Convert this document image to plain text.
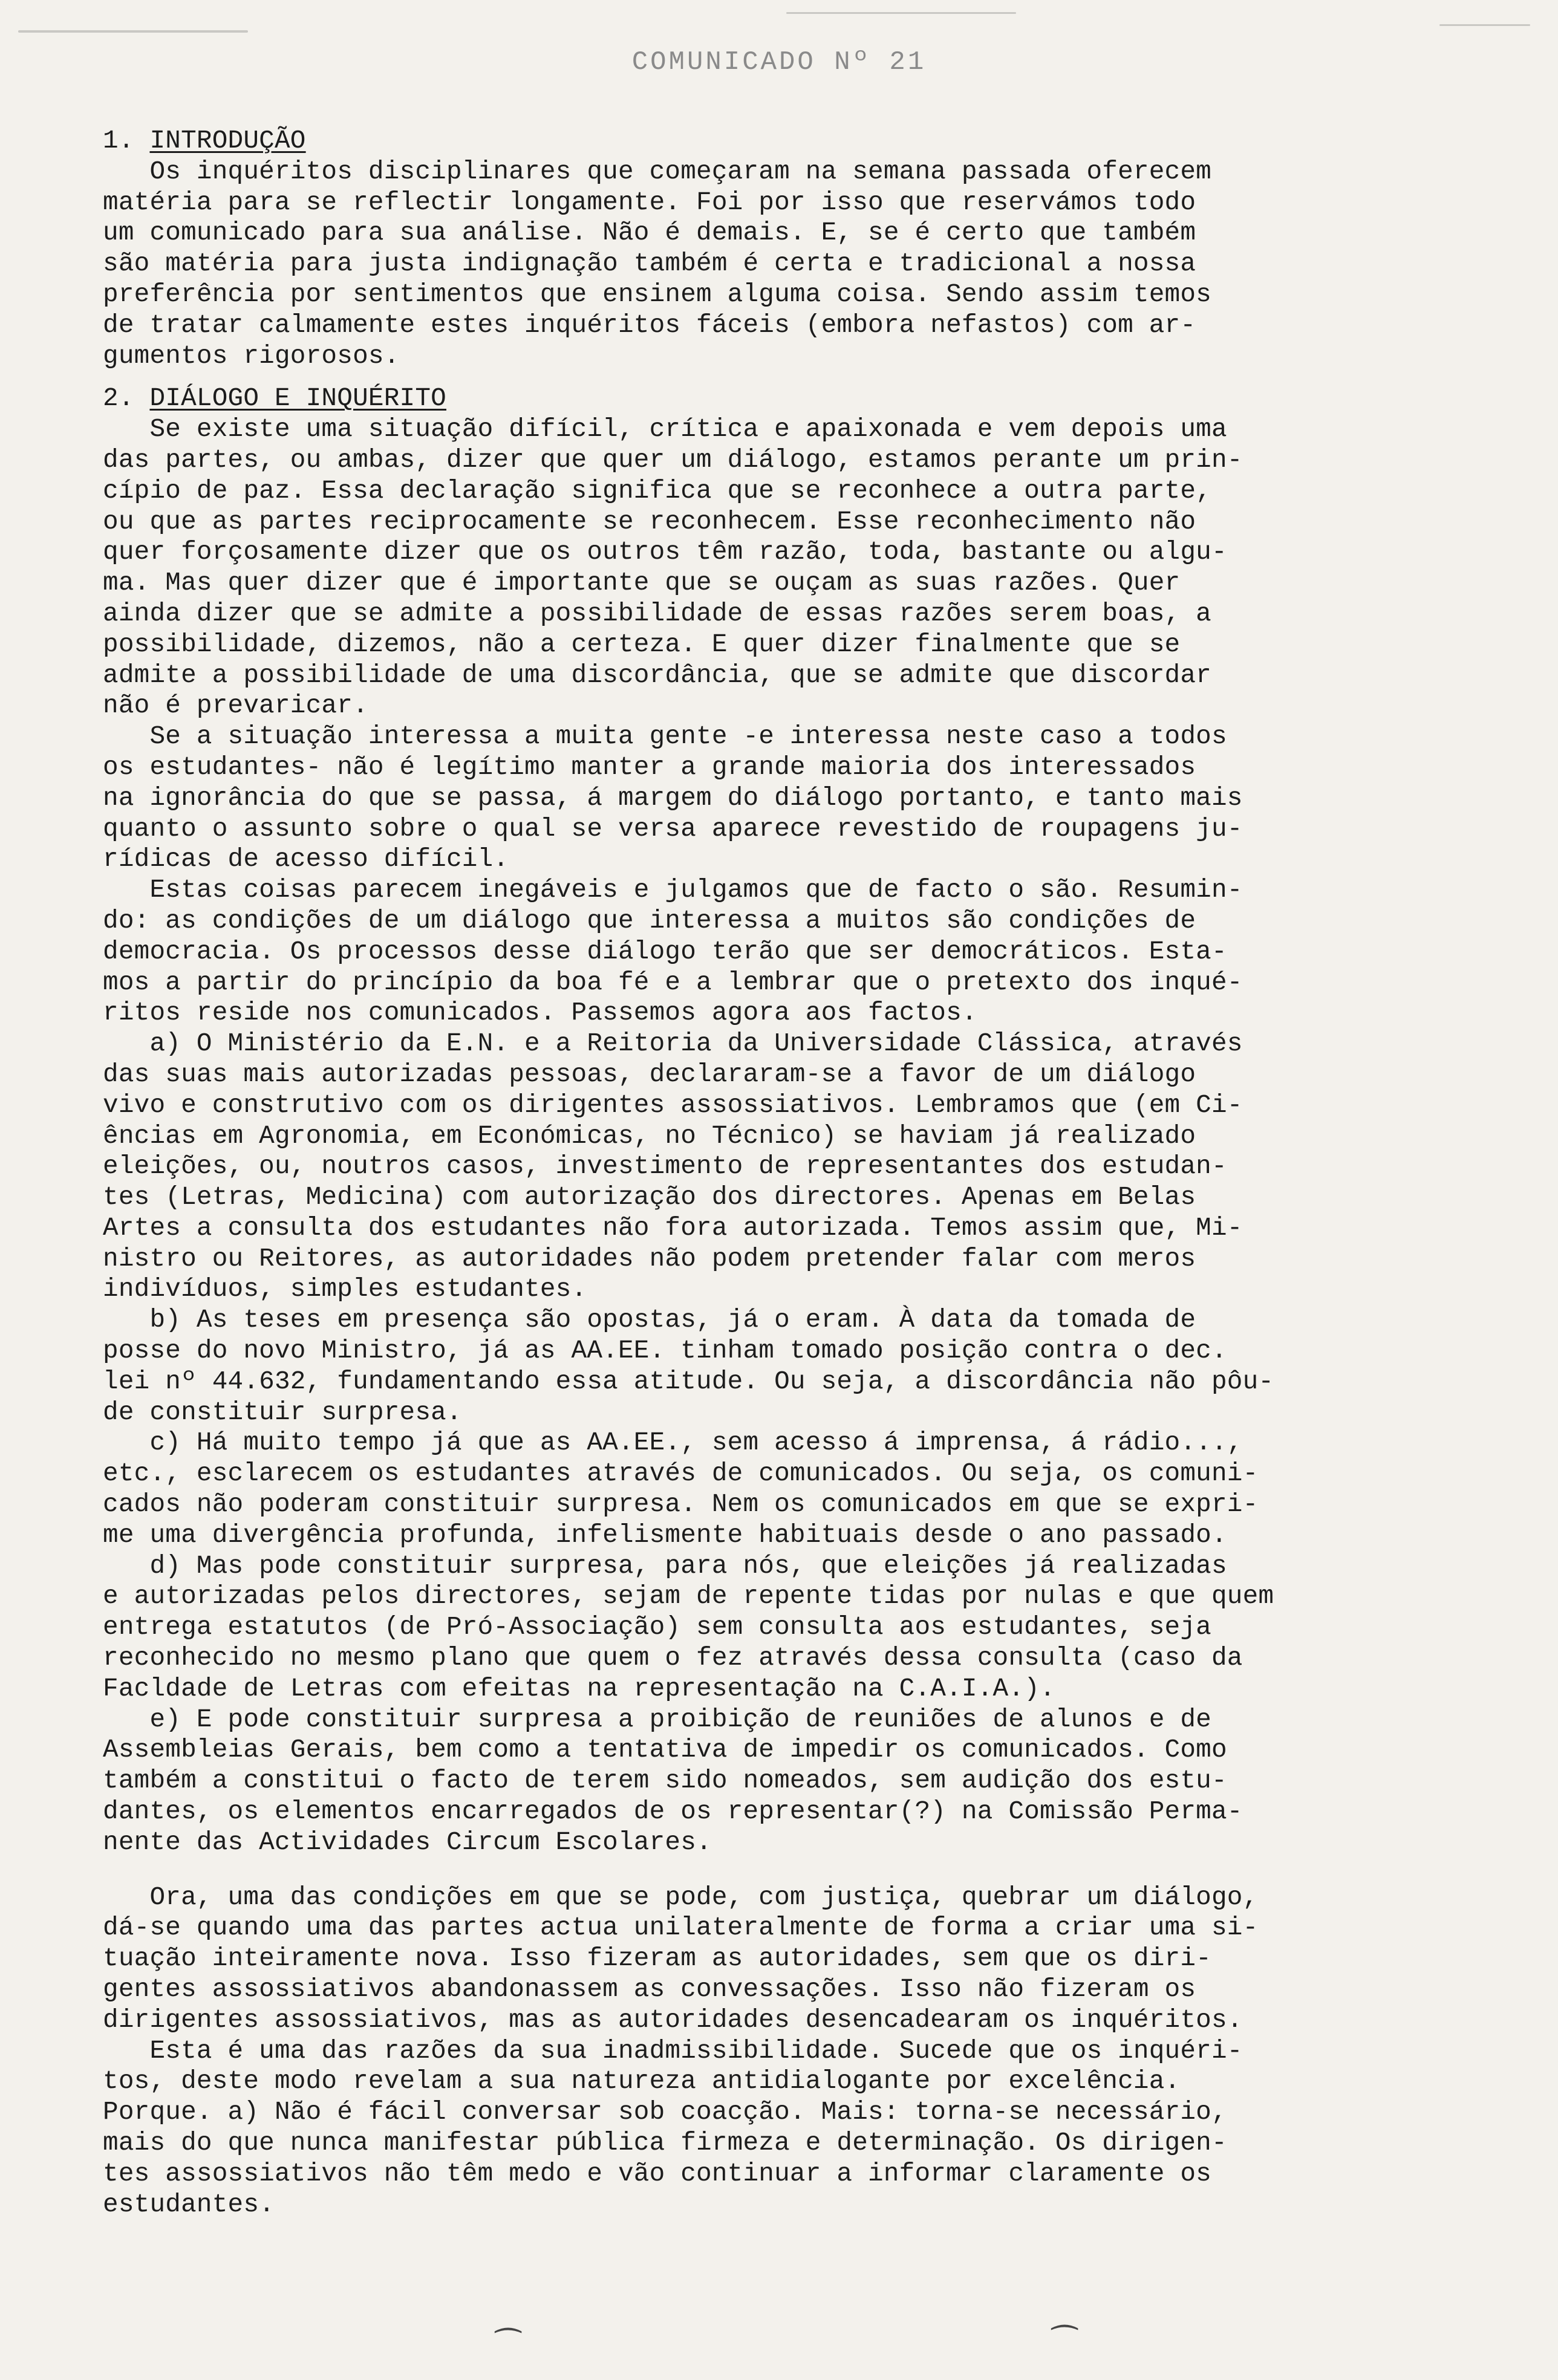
COMUNICADO Nº 21
1. INTRODUÇÃO
Os inquéritos disciplinares que começaram na semana passada oferecem
matéria para se reflectir longamente. Foi por isso que reservámos todo
um comunicado para sua análise. Não é demais. E, se é certo que também
são matéria para justa indignação também é certa e tradicional a nossa
preferência por sentimentos que ensinem alguma coisa. Sendo assim temos
de tratar calmamente estes inquéritos fáceis (embora nefastos) com ar-
gumentos rigorosos.
2. DIÁLOGO E INQUÉRITO
Se existe uma situação difícil, crítica e apaixonada e vem depois uma
das partes, ou ambas, dizer que quer um diálogo, estamos perante um prin-
cípio de paz. Essa declaração significa que se reconhece a outra parte,
ou que as partes reciprocamente se reconhecem. Esse reconhecimento não
quer forçosamente dizer que os outros têm razão, toda, bastante ou algu-
ma. Mas quer dizer que é importante que se ouçam as suas razões. Quer
ainda dizer que se admite a possibilidade de essas razões serem boas, a
possibilidade, dizemos, não a certeza. E quer dizer finalmente que se
admite a possibilidade de uma discordância, que se admite que discordar
não é prevaricar.
Se a situação interessa a muita gente -e interessa neste caso a todos
os estudantes- não é legítimo manter a grande maioria dos interessados
na ignorância do que se passa, á margem do diálogo portanto, e tanto mais
quanto o assunto sobre o qual se versa aparece revestido de roupagens ju-
rídicas de acesso difícil.
Estas coisas parecem inegáveis e julgamos que de facto o são. Resumin-
do: as condições de um diálogo que interessa a muitos são condições de
democracia. Os processos desse diálogo terão que ser democráticos. Esta-
mos a partir do princípio da boa fé e a lembrar que o pretexto dos inqué-
ritos reside nos comunicados. Passemos agora aos factos.
a) O Ministério da E.N. e a Reitoria da Universidade Clássica, através
das suas mais autorizadas pessoas, declararam-se a favor de um diálogo
vivo e construtivo com os dirigentes assossiativos. Lembramos que (em Ci-
ências em Agronomia, em Económicas, no Técnico) se haviam já realizado
eleições, ou, noutros casos, investimento de representantes dos estudan-
tes (Letras, Medicina) com autorização dos directores. Apenas em Belas
Artes a consulta dos estudantes não fora autorizada. Temos assim que, Mi-
nistro ou Reitores, as autoridades não podem pretender falar com meros
indivíduos, simples estudantes.
b) As teses em presença são opostas, já o eram. À data da tomada de
posse do novo Ministro, já as AA.EE. tinham tomado posição contra o dec.
lei nº 44.632, fundamentando essa atitude. Ou seja, a discordância não pôu-
de constituir surpresa.
c) Há muito tempo já que as AA.EE., sem acesso á imprensa, á rádio...,
etc., esclarecem os estudantes através de comunicados. Ou seja, os comuni-
cados não poderam constituir surpresa. Nem os comunicados em que se expri-
me uma divergência profunda, infelismente habituais desde o ano passado.
d) Mas pode constituir surpresa, para nós, que eleições já realizadas
e autorizadas pelos directores, sejam de repente tidas por nulas e que quem
entrega estatutos (de Pró-Associação) sem consulta aos estudantes, seja
reconhecido no mesmo plano que quem o fez através dessa consulta (caso da
Facldade de Letras com efeitas na representação na C.A.I.A.).
e) E pode constituir surpresa a proibição de reuniões de alunos e de
Assembleias Gerais, bem como a tentativa de impedir os comunicados. Como
também a constitui o facto de terem sido nomeados, sem audição dos estu-
dantes, os elementos encarregados de os representar(?) na Comissão Perma-
nente das Actividades Circum Escolares.
Ora, uma das condições em que se pode, com justiça, quebrar um diálogo,
dá-se quando uma das partes actua unilateralmente de forma a criar uma si-
tuação inteiramente nova. Isso fizeram as autoridades, sem que os diri-
gentes assossiativos abandonassem as convessações. Isso não fizeram os
dirigentes assossiativos, mas as autoridades desencadearam os inquéritos.
Esta é uma das razões da sua inadmissibilidade. Sucede que os inquéri-
tos, deste modo revelam a sua natureza antidialogante por excelência.
Porque. a) Não é fácil conversar sob coacção. Mais: torna-se necessário,
mais do que nunca manifestar pública firmeza e determinação. Os dirigen-
tes assossiativos não têm medo e vão continuar a informar claramente os
estudantes.
⁀	⁀
